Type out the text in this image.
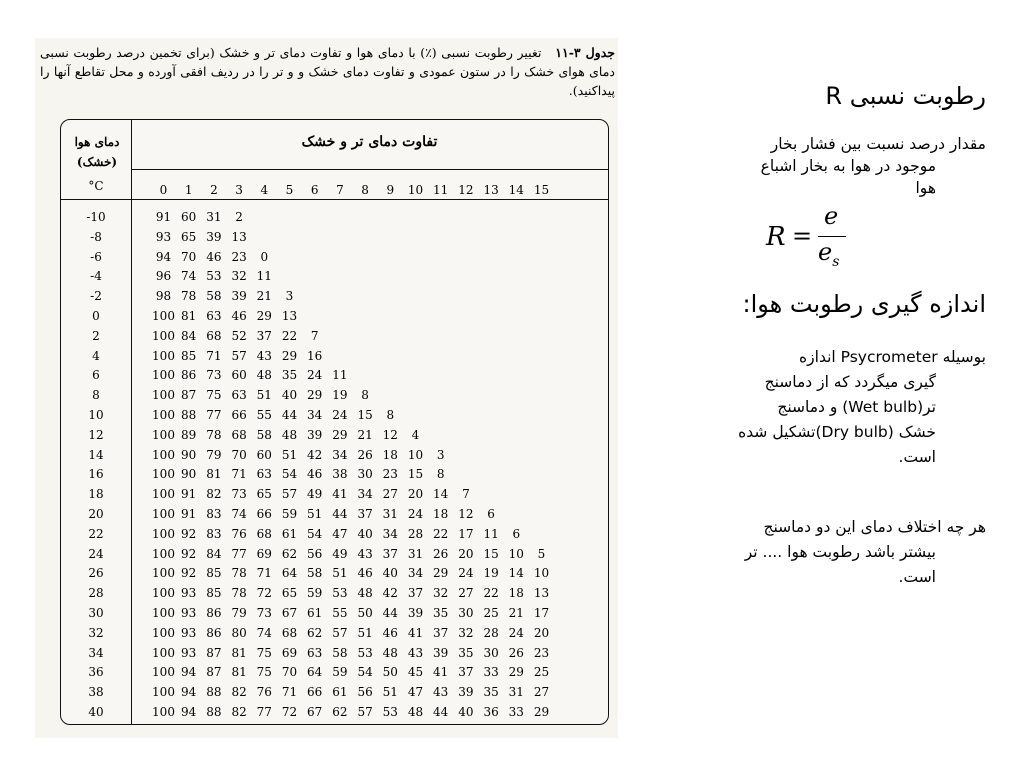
جدول ۳-۱۱   تغییر رطوبت نسبی (٪) با دمای هوا و تفاوت دمای تر و خشک (برای تخمین درصد رطوبت نسبی دمای هوای خشک را در ستون عمودی و تفاوت دمای خشک و و تر را در ردیف افقی آورده و محل تقاطع آنها را پیداکنید).
دمای هوا (خشک)
تفاوت دمای تر و خشک
°C	0	1	2	3	4	5	6	7	8	9	10 11 12 13 14 15
-10	91 60 31	2
-8	93 65 39 13
-6	94 70 46 23	0
-4	96 74 53 32 11
-2	98 78 58 39 21	3
0	100 81 63 46 29 13
2	100 84 68 52 37 22	7
4	100 85 71 57 43 29 16
6	100 86 73 60 48 35 24 11
8	100 87 75 63 51 40 29 19	8
10	100 88 77 66 55 44 34 24 15	8
12	100 89 78 68 58 48 39 29 21 12	4
14	100 90 79 70 60 51 42 34 26 18 10	3
16	100 90 81 71 63 54 46 38 30 23 15	8
18	100 91 82 73 65 57 49 41 34 27 20 14	7
20	100 91 83 74 66 59 51 44 37 31 24 18 12	6
22	100 92 83 76 68 61 54 47 40 34 28 22 17 11	6
24	100 92 84 77 69 62 56 49 43 37 31 26 20 15 10	5
26	100 92 85 78 71 64 58 51 46 40 34 29 24 19 14 10
28	100 93 85 78 72 65 59 53 48 42 37 32 27 22 18 13
30	100 93 86 79 73 67 61 55 50 44 39 35 30 25 21 17
32	100 93 86 80 74 68 62 57 51 46 41 37 32 28 24 20
34	100 93 87 81 75 69 63 58 53 48 43 39 35 30 26 23
36	100 94 87 81 75 70 64 59 54 50 45 41 37 33 29 25
38	100 94 88 82 76 71 66 61 56 51 47 43 39 35 31 27
40	100 94 88 82 77 72 67 62 57 53 48 44 40 36 33 29
رطوبت نسبی R
مقدار درصد نسبت بین فشار بخار
موجود در هوا به بخار اشباع
هوا
R =
e
$e_s$
اندازه گیری رطوبت هوا:
بوسیله Psycrometer اندازه
گیری میگردد که از دماسنج
تر(Wet bulb) و دماسنج
خشک (Dry bulb)تشکیل شده
است.
هر چه اختلاف دمای این دو دماسنج
بیشتر باشد رطوبت هوا .... تر
است.
